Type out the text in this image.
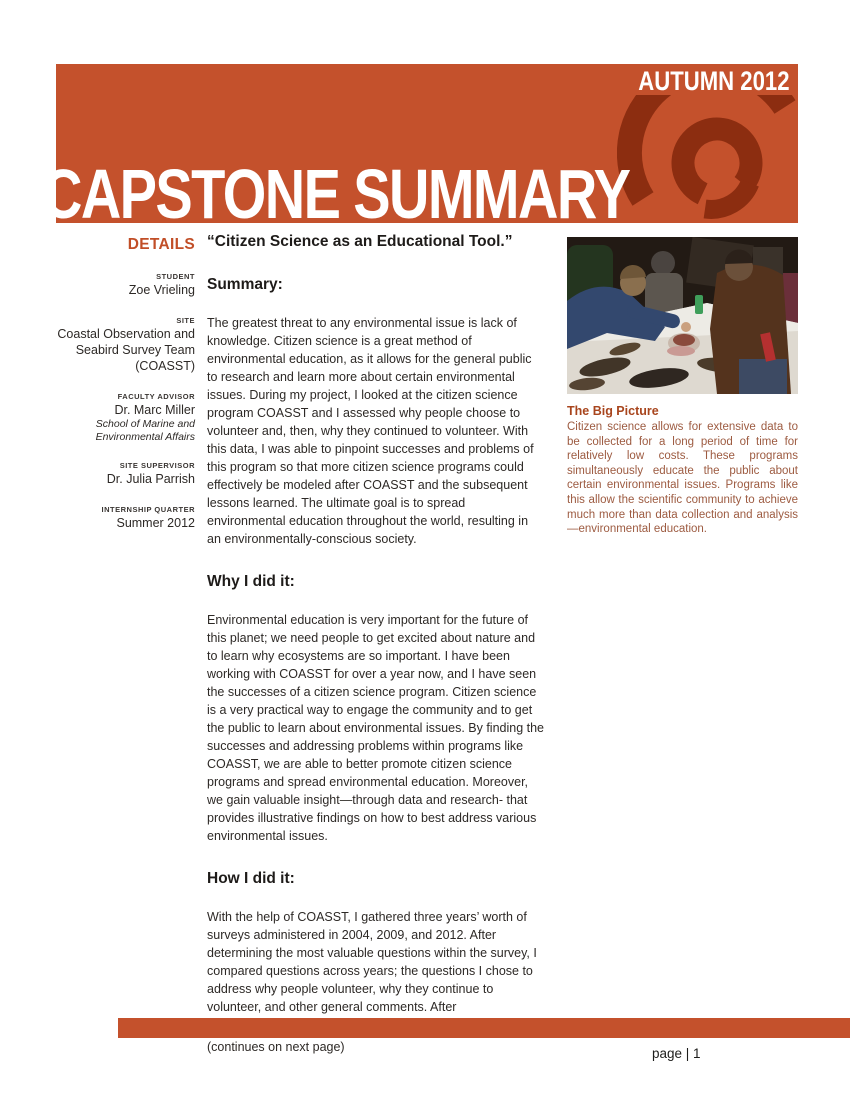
AUTUMN 2012
CAPSTONE SUMMARY
DETAILS
STUDENT
Zoe Vrieling
SITE
Coastal Observation and Seabird Survey Team (COASST)
FACULTY ADVISOR
Dr. Marc Miller
School of Marine and Environmental Affairs
SITE SUPERVISOR
Dr. Julia Parrish
INTERNSHIP QUARTER
Summer 2012
“Citizen Science as an Educational Tool.”
Summary:

The greatest threat to any environmental issue is lack of knowledge. Citizen science is a great method of environmental education, as it allows for the general public to research and learn more about certain environmental issues. During my project, I looked at the citizen science program COASST and I assessed why people choose to volunteer and, then, why they continued to volunteer. With this data, I was able to pinpoint successes and problems of this program so that more citizen science programs could effectively be modeled after COASST and the subsequent lessons learned. The ultimate goal is to spread environmental education throughout the world, resulting in an environmentally-conscious society.

Why I did it:

Environmental education is very important for the future of this planet; we need people to get excited about nature and to learn why ecosystems are so important. I have been working with COASST for over a year now, and I have seen the successes of a citizen science program. Citizen science is a very practical way to engage the community and to get the public to learn about environmental issues. By finding the successes and addressing problems within programs like COASST, we are able to better promote citizen science programs and spread environmental education. Moreover, we gain valuable insight—through data and research- that provides illustrative findings on how to best address various environmental issues.

How I did it:

With the help of COASST, I gathered three years’ worth of surveys administered in 2004, 2009, and 2012. After determining the most valuable questions within the survey, I compared questions across years; the questions I chose to address why people volunteer, why they continue to volunteer, and other general comments. After

(continues on next page)

The Big Picture

Citizen science allows for extensive data to be collected for a long period of time for relatively low costs. These programs simultaneously educate the public about certain environmental issues. Programs like this allow the scientific community to achieve much more than data collection and analysis—environmental education.

page | 1
